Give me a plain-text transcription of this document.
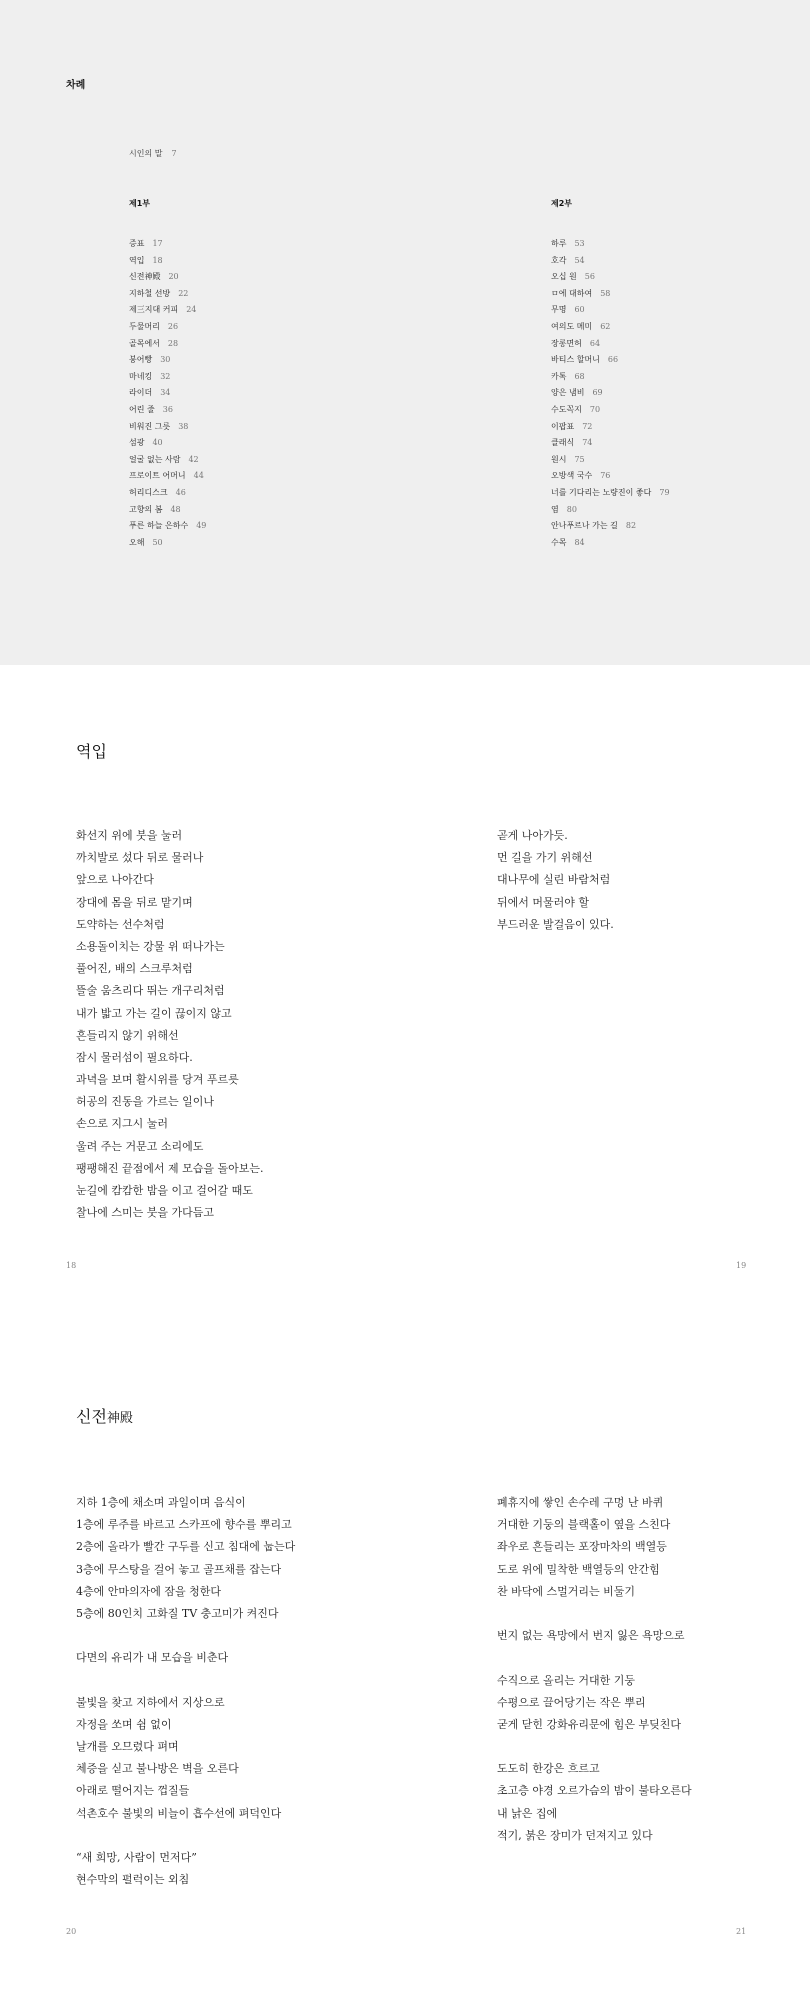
차례
시인의 말 7
제1부
증표 17
역입 18
신전神殿 20
지하철 선방 22
제三지대 커피 24
두물머리 26
골목에서 28
붕어빵 30
마네킹 32
라이더 34
어린 줄 36
비워진 그릇 38
섬광 40
얼굴 없는 사람 42
프로이트 어머니 44
허리디스크 46
고향의 봄 48
푸른 하늘 은하수 49
오해 50
제2부
하루 53
호각 54
오십 원 56
ㅁ에 대하여 58
무명 60
여의도 메미 62
장롱면허 64
바티스 할머니 66
카톡 68
양은 냄비 69
수도꼭지 70
이팝표 72
클래식 74
원시 75
오방색 국수 76
너를 기다리는 노량진이 좋다 79
염 80
안나푸르나 가는 길 82
수목 84
역입
화선지 위에 붓을 눌러
까치발로 섰다 뒤로 물러나
앞으로 나아간다
장대에 몸을 뒤로 맡기며
도약하는 선수처럼
소용돌이치는 강물 위 떠나가는
풀어진, 배의 스크루처럼
뜰술 움츠리다 뛰는 개구리처럼
내가 밟고 가는 길이 끊이지 않고
흔들리지 않기 위해선
잠시 물러섬이 필요하다.
과녁을 보며 활시위를 당겨 푸르릇
허공의 진동을 가르는 일이나
손으로 지그시 눌러
울려 주는 거문고 소리에도
팽팽해진 끝점에서 제 모습을 돌아보는.
눈길에 캄캄한 밤을 이고 걸어갈 때도
찰나에 스미는 붓을 가다듬고
곧게 나아가듯.
먼 길을 가기 위해선
대나무에 실린 바람처럼
뒤에서 머물러야 할
부드러운 발걸음이 있다.
18	19
신전神殿
지하 1층에 채소며 과일이며 음식이
1층에 루주를 바르고 스카프에 향수를 뿌리고
2층에 올라가 빨간 구두를 신고 침대에 눕는다
3층에 무스탕을 걸어 놓고 골프채를 잡는다
4층에 안마의자에 잠을 청한다
5층에 80인치 고화질 TV 충고미가 켜진다
다면의 유리가 내 모습을 비춘다
불빛을 찾고 지하에서 지상으로
자정을 쏘며 쉼 없이
날개를 오므렸다 펴며
체증을 싣고 불나방은 벽을 오른다
아래로 떨어지는 껍질들
석촌호수 불빛의 비늘이 흡수선에 펴덕인다
“새 희망, 사람이 먼저다”
현수막의 펄럭이는 외침
폐휴지에 쌓인 손수레 구멍 난 바퀴
거대한 기둥의 블랙홀이 옆을 스친다
좌우로 흔들리는 포장마차의 백열등
도로 위에 밀착한 백열등의 안간힘
찬 바닥에 스멀거리는 비둘기
번지 없는 욕망에서 번지 잃은 욕망으로
수직으로 올리는 거대한 기둥
수평으로 끌어당기는 작은 뿌리
굳게 닫힌 강화유리문에 힘은 부딪친다
도도히 한강은 흐르고
초고층 야경 오르가슴의 밤이 불타오른다
내 낡은 집에
적기, 붉은 장미가 던져지고 있다
20	21
